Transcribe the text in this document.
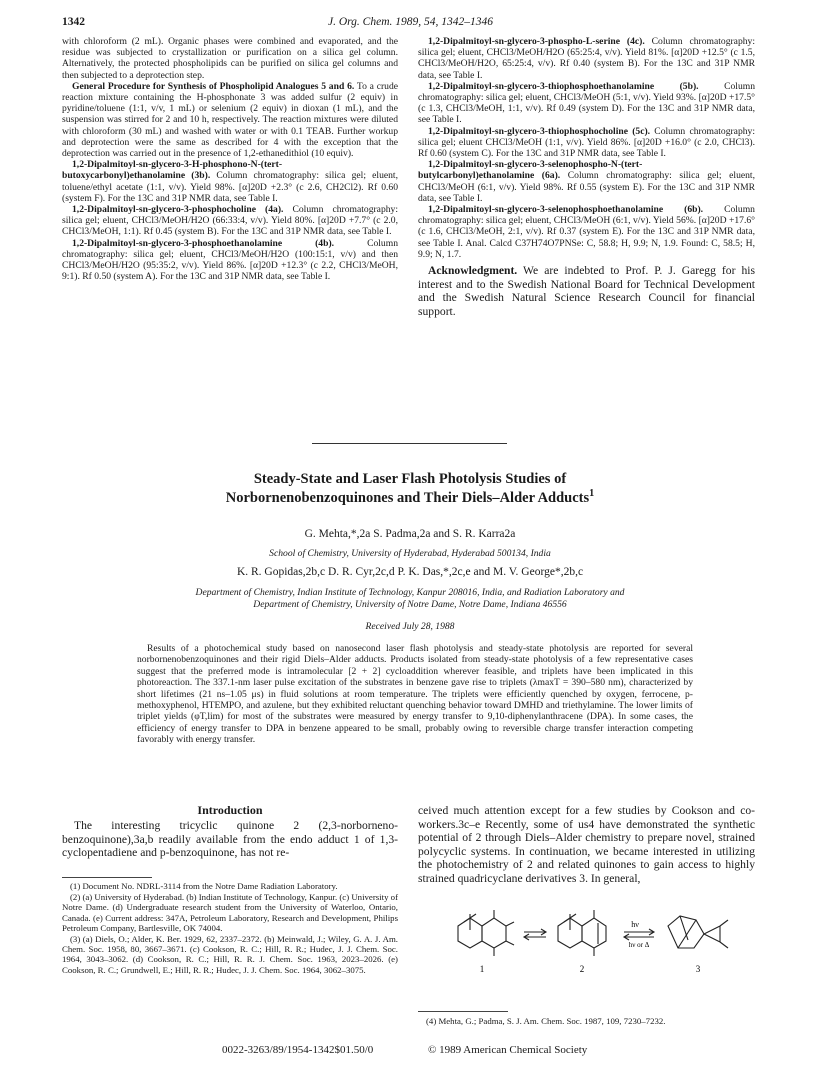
1342	J. Org. Chem. 1989, 54, 1342–1346

with chloroform (2 mL). Organic phases were combined and evaporated, and the residue was subjected to crystallization or purification on a silica gel column. Alternatively, the protected phospholipids can be purified on silica gel columns and then subjected to a deprotection step.

General Procedure for Synthesis of Phospholipid Analogues 5 and 6. To a crude reaction mixture containing the H-phosphonate 3 was added sulfur (2 equiv) in pyridine/toluene (1:1, v/v, 1 mL) or selenium (2 equiv) in dioxan (1 mL), and the suspension was stirred for 2 and 10 h, respectively. The reaction mixtures were diluted with chloroform (30 mL) and washed with water or with 0.1 TEAB. Further workup and deprotection were the same as described for 4 with the exception that the deprotection was carried out in the presence of 1,2-ethanedithiol (10 equiv).

1,2-Dipalmitoyl-sn-glycero-3-H-phosphono-N-(tert-butoxycarbonyl)ethanolamine (3b). Column chromatography: silica gel; eluent, toluene/ethyl acetate (1:1, v/v). Yield 98%. [α]20D +2.3° (c 2.6, CH2Cl2). Rf 0.60 (system F). For the 13C and 31P NMR data, see Table I.

1,2-Dipalmitoyl-sn-glycero-3-phosphocholine (4a). Column chromatography: silica gel; eluent, CHCl3/MeOH/H2O (66:33:4, v/v). Yield 80%. [α]20D +7.7° (c 2.0, CHCl3/MeOH, 1:1). Rf 0.45 (system B). For the 13C and 31P NMR data, see Table I.

1,2-Dipalmitoyl-sn-glycero-3-phosphoethanolamine (4b). Column chromatography: silica gel; eluent, CHCl3/MeOH/H2O (100:15:1, v/v) and then CHCl3/MeOH/H2O (95:35:2, v/v). Yield 86%. [α]20D +12.3° (c 2.2, CHCl3/MeOH, 9:1). Rf 0.50 (system A). For the 13C and 31P NMR data, see Table I.

1,2-Dipalmitoyl-sn-glycero-3-phospho-L-serine (4c). Column chromatography: silica gel; eluent, CHCl3/MeOH/H2O (65:25:4, v/v). Yield 81%. [α]20D +12.5° (c 1.5, CHCl3/MeOH/H2O, 65:25:4, v/v). Rf 0.40 (system B). For the 13C and 31P NMR data, see Table I.

1,2-Dipalmitoyl-sn-glycero-3-thiophosphoethanolamine (5b). Column chromatography: silica gel; eluent, CHCl3/MeOH (5:1, v/v). Yield 93%. [α]20D +17.5° (c 1.3, CHCl3/MeOH, 1:1, v/v). Rf 0.49 (system D). For the 13C and 31P NMR data, see Table I.

1,2-Dipalmitoyl-sn-glycero-3-thiophosphocholine (5c). Column chromatography: silica gel; eluent CHCl3/MeOH (1:1, v/v). Yield 86%. [α]20D +16.0° (c 2.0, CHCl3). Rf 0.60 (system C). For the 13C and 31P NMR data, see Table I.

1,2-Dipalmitoyl-sn-glycero-3-selenophospho-N-(tert-butylcarbonyl)ethanolamine (6a). Column chromatography: silica gel; eluent, CHCl3/MeOH (6:1, v/v). Yield 98%. Rf 0.55 (system E). For the 13C and 31P NMR data, see Table I.

1,2-Dipalmitoyl-sn-glycero-3-selenophosphoethanolamine (6b). Column chromatography: silica gel; eluent, CHCl3/MeOH (6:1, v/v). Yield 56%. [α]20D +17.6° (c 1.6, CHCl3/MeOH, 2:1, v/v). Rf 0.37 (system E). For the 13C and 31P NMR data, see Table I. Anal. Calcd C37H74O7PNSe: C, 58.8; H, 9.9; N, 1.9. Found: C, 58.5; H, 9.9; N, 1.7.

Acknowledgment. We are indebted to Prof. P. J. Garegg for his interest and to the Swedish National Board for Technical Development and the Swedish Natural Science Research Council for financial support.

Steady-State and Laser Flash Photolysis Studies of
Norbornenobenzoquinones and Their Diels–Alder Adducts$^1$
G. Mehta,*,2a S. Padma,2a and S. R. Karra2a
School of Chemistry, University of Hyderabad, Hyderabad 500134, India
K. R. Gopidas,2b,c D. R. Cyr,2c,d P. K. Das,*,2c,e and M. V. George*,2b,c
Department of Chemistry, Indian Institute of Technology, Kanpur 208016, India, and Radiation Laboratory and
Department of Chemistry, University of Notre Dame, Notre Dame, Indiana 46556
Received July 28, 1988
Results of a photochemical study based on nanosecond laser flash photolysis and steady-state photolysis are reported for several norbornenobenzoquinones and their rigid Diels–Alder adducts. Products isolated from steady-state photolysis of a few representative cases suggest that the preferred mode is intramolecular [2 + 2] cycloaddition wherever feasible, and triplets have been implicated in this photoreaction. The 337.1-nm laser pulse excitation of the substrates in benzene gave rise to triplets (λmaxT = 390–580 nm), characterized by short lifetimes (21 ns–1.05 μs) in fluid solutions at room temperature. The triplets were efficiently quenched by oxygen, ferrocene, p-methoxyphenol, HTEMPO, and azulene, but they exhibited reluctant quenching behavior toward DMHD and triethylamine. The lower limits of triplet yields (φT,lim) for most of the substrates were measured by energy transfer to 9,10-diphenylanthracene (DPA). In some cases, the efficiency of energy transfer to DPA in benzene appeared to be small, probably owing to reversible charge transfer interaction competing favorably with energy transfer.
Introduction
The interesting tricyclic quinone 2 (2,3-norborneno-benzoquinone),3a,b readily available from the endo adduct 1 of 1,3-cyclopentadiene and p-benzoquinone, has not re-
ceived much attention except for a few studies by Cookson and co-workers.3c–e Recently, some of us4 have demonstrated the synthetic potential of 2 through Diels–Alder chemistry to prepare novel, strained polycyclic systems. In continuation, we became interested in utilizing the photochemistry of 2 and related quinones to gain access to highly strained quadricyclane derivatives 3. In general,
hν
hν or Δ
1	2	3

(1) Document No. NDRL-3114 from the Notre Dame Radiation Laboratory.

(2) (a) University of Hyderabad. (b) Indian Institute of Technology, Kanpur. (c) University of Notre Dame. (d) Undergraduate research student from the University of Waterloo, Ontario, Canada. (e) Current address: 347A, Petroleum Laboratory, Research and Development, Philips Petroleum Company, Bartlesville, OK 74004.

(3) (a) Diels, O.; Alder, K. Ber. 1929, 62, 2337–2372. (b) Meinwald, J.; Wiley, G. A. J. Am. Chem. Soc. 1958, 80, 3667–3671. (c) Cookson, R. C.; Hill, R. R.; Hudec, J. J. Chem. Soc. 1964, 3043–3062. (d) Cookson, R. C.; Hill, R. R. J. Chem. Soc. 1963, 2023–2026. (e) Cookson, R. C.; Grundwell, E.; Hill, R. R.; Hudec, J. J. Chem. Soc. 1964, 3062–3075.

(4) Mehta, G.; Padma, S. J. Am. Chem. Soc. 1987, 109, 7230–7232.
0022-3263/89/1954-1342$01.50/0	© 1989 American Chemical Society
